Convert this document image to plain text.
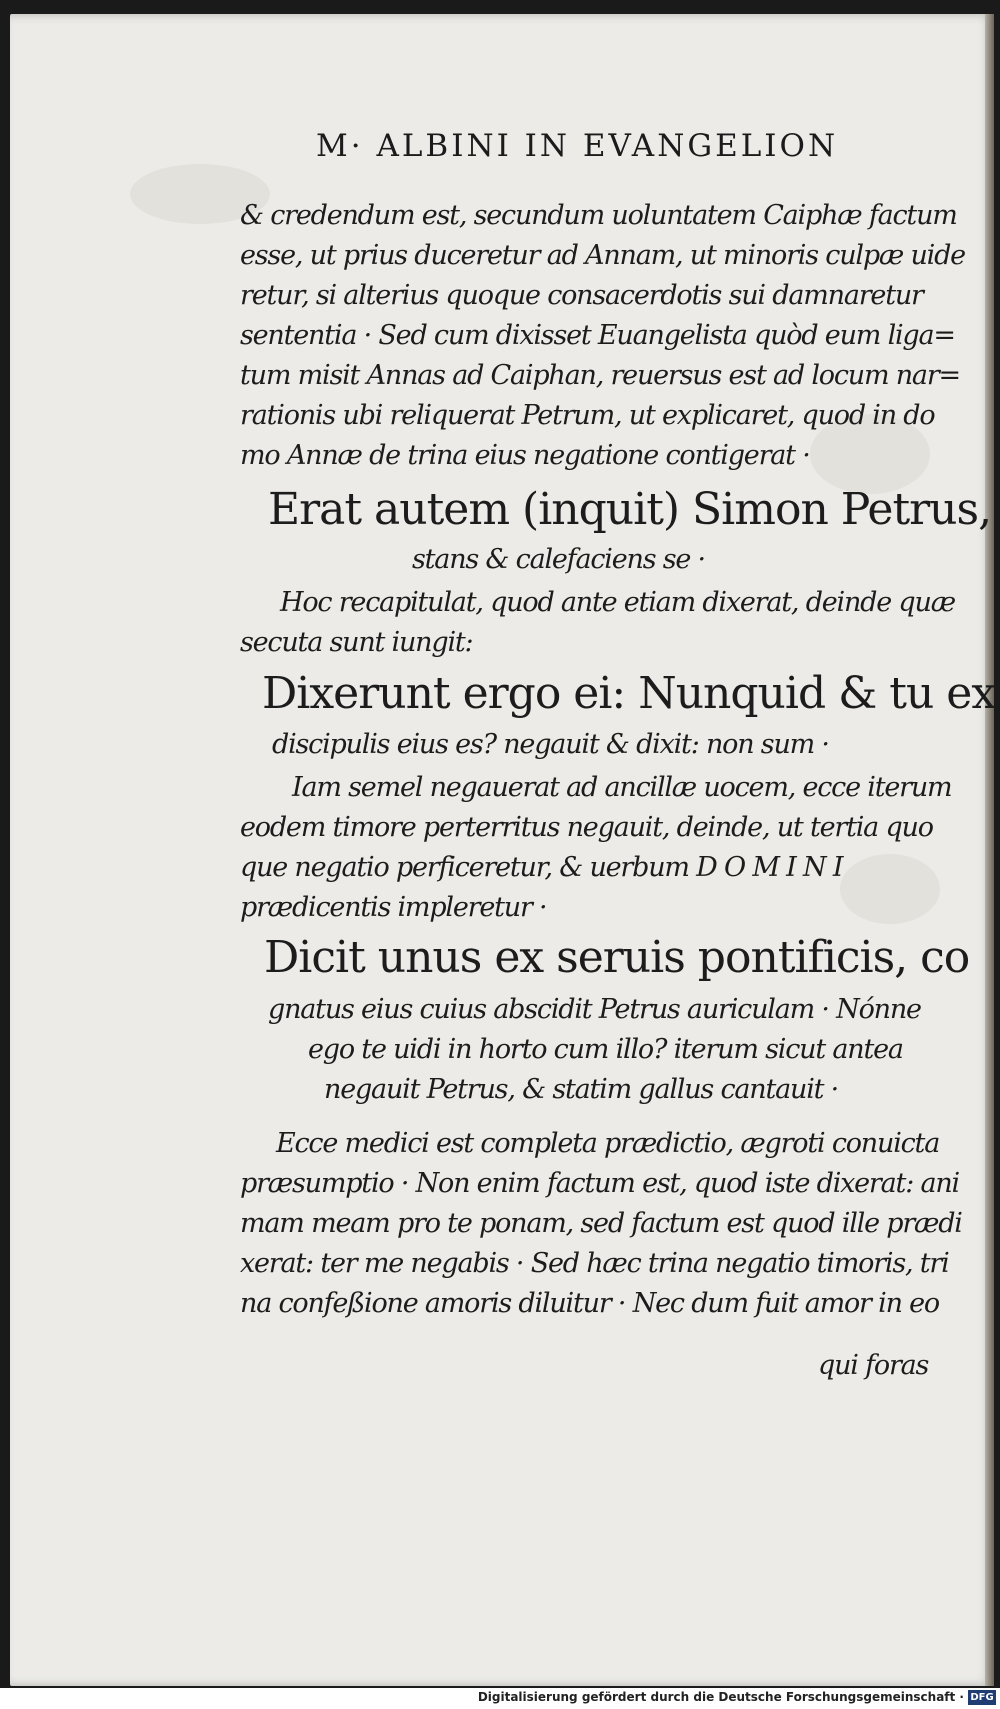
M· ALBINI IN EVANGELION
& credendum est, secundum uoluntatem Caiphæ factum
esse, ut prius duceretur ad Annam, ut minoris culpæ uide
retur, si alterius quoque consacerdotis sui damnaretur
sententia · Sed cum dixisset Euangelista quòd eum liga=
tum misit Annas ad Caiphan, reuersus est ad locum nar=
rationis ubi reliquerat Petrum, ut explicaret, quod in do
mo Annæ de trina eius negatione contigerat ·
Erat autem (inquit) Simon Petrus,
stans & calefaciens se ·
Hoc recapitulat, quod ante etiam dixerat, deinde quæ
secuta sunt iungit:
Dixerunt ergo ei: Nunquid & tu ex
discipulis eius es? negauit & dixit: non sum ·
Iam semel negauerat ad ancillæ uocem, ecce iterum
eodem timore perterritus negauit, deinde, ut tertia quo
que negatio perficeretur, & uerbum D O M I N I
prædicentis impleretur ·
Dicit unus ex seruis pontificis, co
gnatus eius cuius abscidit Petrus auriculam · Nónne
ego te uidi in horto cum illo? iterum sicut antea
negauit Petrus, & statim gallus cantauit ·
Ecce medici est completa prædictio, ægroti conuicta
præsumptio · Non enim factum est, quod iste dixerat: ani
mam meam pro te ponam, sed factum est quod ille prædi
xerat: ter me negabis · Sed hæc trina negatio timoris, tri
na confeßione amoris diluitur · Nec dum fuit amor in eo
qui foras
Digitalisierung gefördert durch die Deutsche Forschungsgemeinschaft · DFG
